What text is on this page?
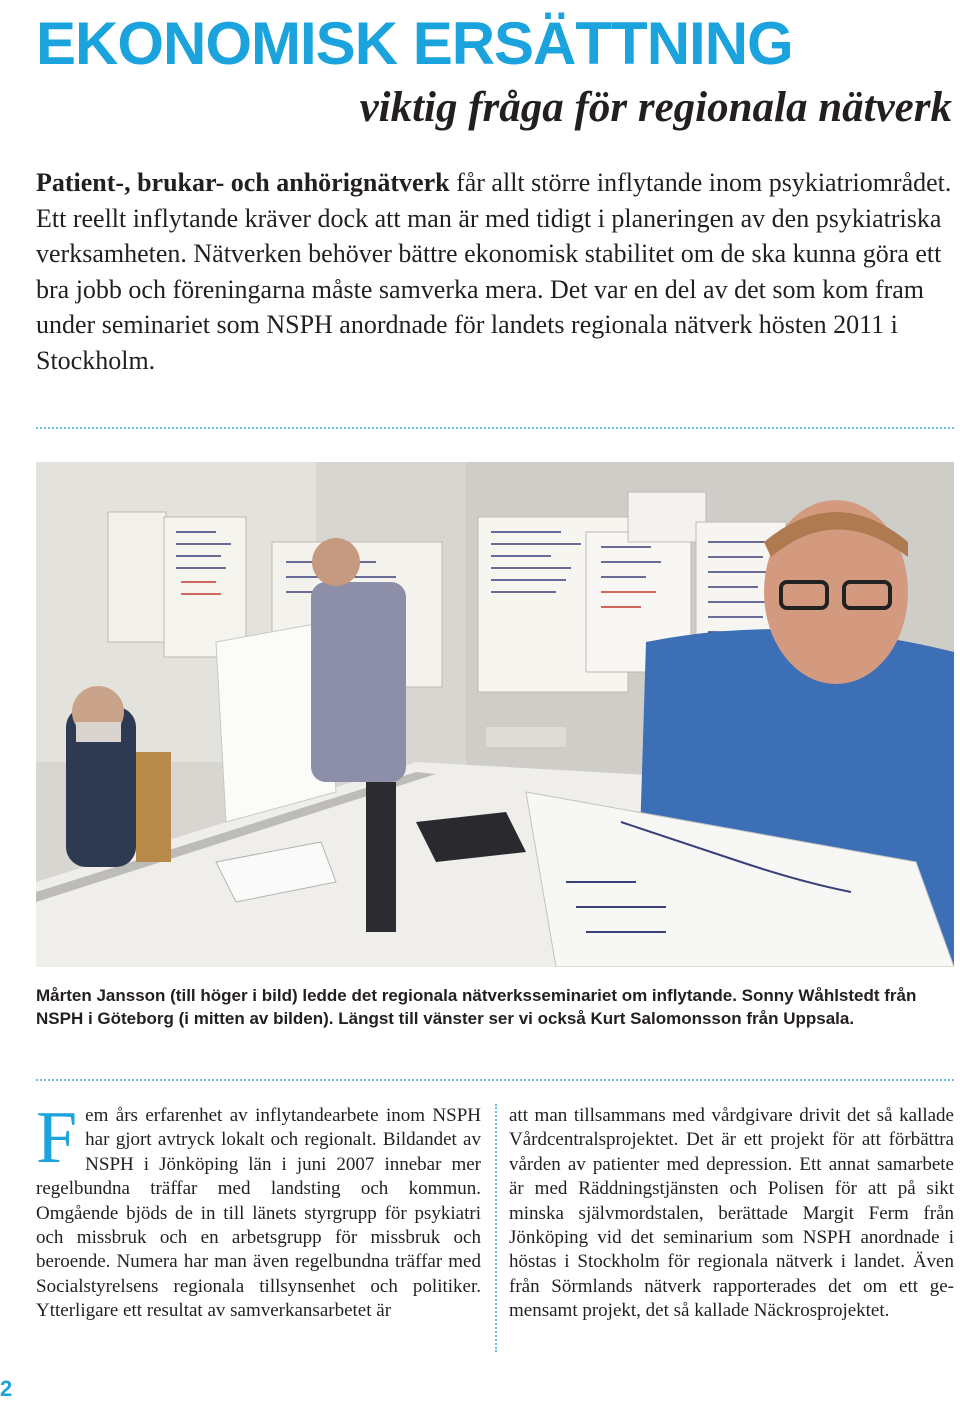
EKONOMISK ERSÄTTNING
viktig fråga för regionala nätverk

Patient-, brukar- och anhörignätverk får allt större inflytande inom psykiatriområdet. Ett reellt inflytande kräver dock att man är med tidigt i planeringen av den psykiatriska verksamheten. Nätverken behöver bättre ekonomisk stabilitet om de ska kunna göra ett bra jobb och föreningarna måste samverka mera. Det var en del av det som kom fram under seminariet som NSPH anordnade för landets regionala nätverk hösten 2011 i Stockholm.

Mårten Jansson (till höger i bild) ledde det regionala nätverksseminariet om inflytande. Sonny Wåhlstedt från NSPH i Göteborg (i mitten av bilden). Längst till vänster ser vi också Kurt Salomonsson från Uppsala.

Fem års erfarenhet av inflytandearbete inom NSPH har gjort avtryck lokalt och regionalt. Bildandet av NSPH i Jönköping län i juni 2007 innebar mer regelbundna träffar med landsting och kommun. Omgående bjöds de in till länets styrgrupp för psykiatri och missbruk och en arbetsgrupp för missbruk och beroende. Numera har man även regelbundna träffar med Socialstyrelsens regionala tillsynsenhet och politiker. Ytterligare ett resultat av samverkansarbetet är

att man tillsammans med vårdgivare drivit det så kallade Vårdcentralsprojektet. Det är ett projekt för att förbättra vården av patienter med depression. Ett annat samarbete är med Räddningstjänsten och Polisen för att på sikt minska självmordstalen, berättade Margit Ferm från Jönköping vid det seminarium som NSPH anordnade i höstas i Stockholm för regionala nätverk i landet. Även från Sörmlands nätverk rapporterades det om ett gemensamt projekt, det så kallade Näckrosprojektet.

2
